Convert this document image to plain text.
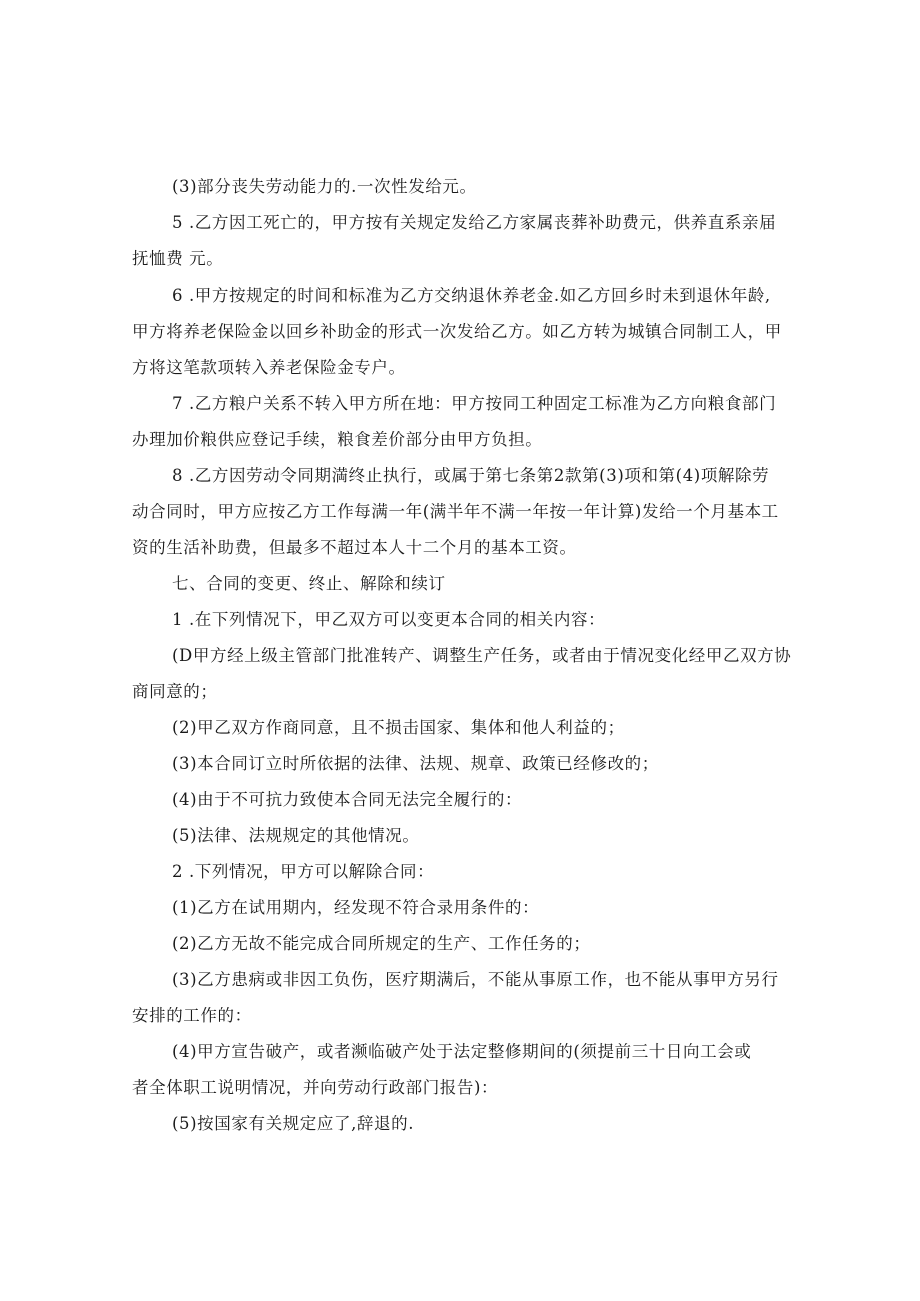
(3)部分丧失劳动能力的.一次性发给元。
5 .乙方因工死亡的，甲方按有关规定发给乙方家属丧葬补助费元，供养直系亲届
抚恤费 元。
6 .甲方按规定的时间和标准为乙方交纳退休养老金.如乙方回乡时未到退休年龄,
甲方将养老保险金以回乡补助金的形式一次发给乙方。如乙方转为城镇合同制工人，甲
方将这笔款项转入养老保险金专户。
7 .乙方粮户关系不转入甲方所在地：甲方按同工种固定工标准为乙方向粮食部门
办理加价粮供应登记手续，粮食差价部分由甲方负担。
8 .乙方因劳动令同期満终止执行，或属于第七条第2款第(3)项和第(4)项解除劳
动合同时，甲方应按乙方工作每满一年(满半年不满一年按一年计算)发给一个月基本工
资的生活补助费，但最多不超过本人十二个月的基本工资。
七、合同的变更、终止、解除和续订
1 .在下列情况下，甲乙双方可以变更本合同的相关内容：
(D甲方经上级主管部门批准转产、调整生产任务，或者由于情况变化经甲乙双方协
商同意的；
(2)甲乙双方作商同意，且不损击国家、集体和他人利益的；
(3)本合同订立时所依据的法律、法规、规章、政策已经修改的；
(4)由于不可抗力致使本合同无法完全履行的：
(5)法律、法规规定的其他情况。
2 .下列情况，甲方可以解除合同：
(1)乙方在试用期内，经发现不符合录用条件的：
(2)乙方无故不能完成合同所规定的生产、工作任务的；
(3)乙方患病或非因工负伤，医疗期满后，不能从事原工作，也不能从事甲方另行
安排的工作的：
(4)甲方宣告破产，或者濒临破产处于法定整修期间的(须提前三十日向工会或
者全体职工说明情况，并向劳动行政部门报告)：
(5)按国家有关规定应了,辞退的.
